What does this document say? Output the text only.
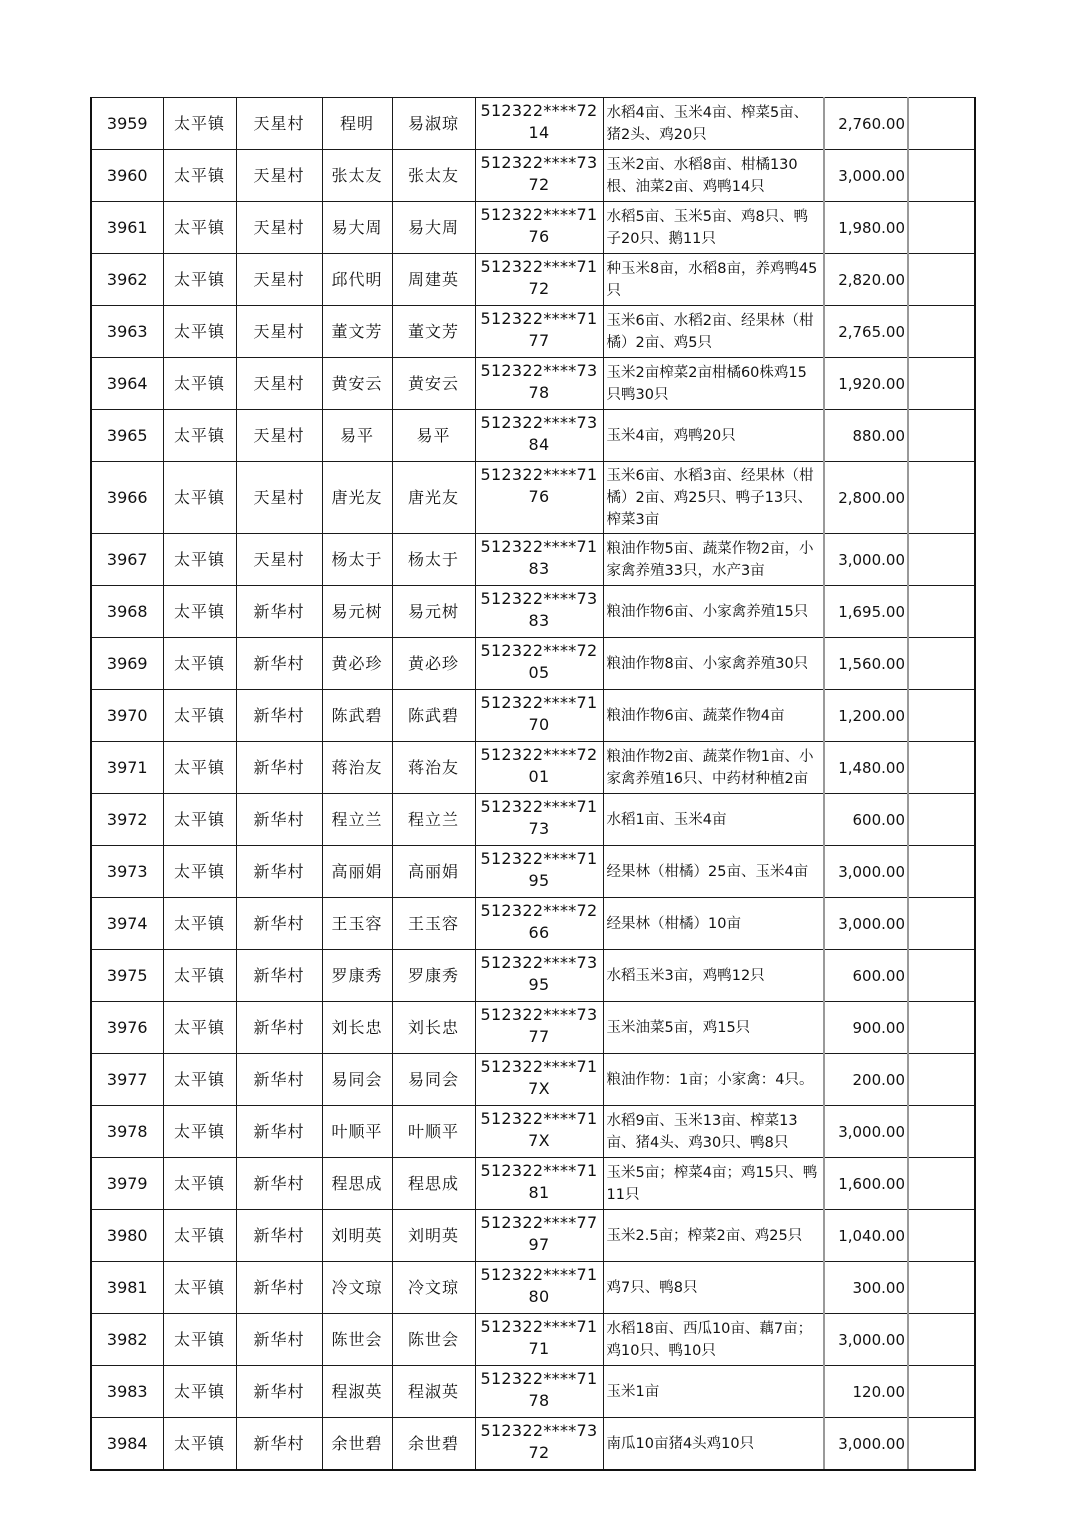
3959	太平镇	天星村	程明	易淑琼	512322****7214	水稻4亩、玉米4亩、榨菜5亩、猪2头、鸡20只	2,760.00	
3960	太平镇	天星村	张太友	张太友	512322****7372	玉米2亩、水稻8亩、柑橘130根、油菜2亩、鸡鸭14只	3,000.00	
3961	太平镇	天星村	易大周	易大周	512322****7176	水稻5亩、玉米5亩、鸡8只、鸭子20只、鹅11只	1,980.00	
3962	太平镇	天星村	邱代明	周建英	512322****7172	种玉米8亩，水稻8亩，养鸡鸭45只	2,820.00	
3963	太平镇	天星村	董文芳	董文芳	512322****7177	玉米6亩、水稻2亩、经果林（柑橘）2亩、鸡5只	2,765.00	
3964	太平镇	天星村	黄安云	黄安云	512322****7378	玉米2亩榨菜2亩柑橘60株鸡15只鸭30只	1,920.00	
3965	太平镇	天星村	易平	易平	512322****7384	玉米4亩，鸡鸭20只	880.00	
3966	太平镇	天星村	唐光友	唐光友	512322****7176	玉米6亩、水稻3亩、经果林（柑橘）2亩、鸡25只、鸭子13只、榨菜3亩	2,800.00	
3967	太平镇	天星村	杨太于	杨太于	512322****7183	粮油作物5亩、蔬菜作物2亩，小家禽养殖33只，水产3亩	3,000.00	
3968	太平镇	新华村	易元树	易元树	512322****7383	粮油作物6亩、小家禽养殖15只	1,695.00	
3969	太平镇	新华村	黄必珍	黄必珍	512322****7205	粮油作物8亩、小家禽养殖30只	1,560.00	
3970	太平镇	新华村	陈武碧	陈武碧	512322****7170	粮油作物6亩、蔬菜作物4亩	1,200.00	
3971	太平镇	新华村	蒋治友	蒋治友	512322****7201	粮油作物2亩、蔬菜作物1亩、小家禽养殖16只、中药材种植2亩	1,480.00	
3972	太平镇	新华村	程立兰	程立兰	512322****7173	水稻1亩、玉米4亩	600.00	
3973	太平镇	新华村	高丽娟	高丽娟	512322****7195	经果林（柑橘）25亩、玉米4亩	3,000.00	
3974	太平镇	新华村	王玉容	王玉容	512322****7266	经果林（柑橘）10亩	3,000.00	
3975	太平镇	新华村	罗康秀	罗康秀	512322****7395	水稻玉米3亩，鸡鸭12只	600.00	
3976	太平镇	新华村	刘长忠	刘长忠	512322****7377	玉米油菜5亩，鸡15只	900.00	
3977	太平镇	新华村	易同会	易同会	512322****717X	粮油作物：1亩；小家禽：4只。	200.00	
3978	太平镇	新华村	叶顺平	叶顺平	512322****717X	水稻9亩、玉米13亩、榨菜13亩、猪4头、鸡30只、鸭8只	3,000.00	
3979	太平镇	新华村	程思成	程思成	512322****7181	玉米5亩；榨菜4亩；鸡15只、鸭11只	1,600.00	
3980	太平镇	新华村	刘明英	刘明英	512322****7797	玉米2.5亩；榨菜2亩、鸡25只	1,040.00	
3981	太平镇	新华村	冷文琼	冷文琼	512322****7180	鸡7只、鸭8只	300.00	
3982	太平镇	新华村	陈世会	陈世会	512322****7171	水稻18亩、西瓜10亩、藕7亩；鸡10只、鸭10只	3,000.00	
3983	太平镇	新华村	程淑英	程淑英	512322****7178	玉米1亩	120.00	
3984	太平镇	新华村	余世碧	余世碧	512322****7372	南瓜10亩猪4头鸡10只	3,000.00	
